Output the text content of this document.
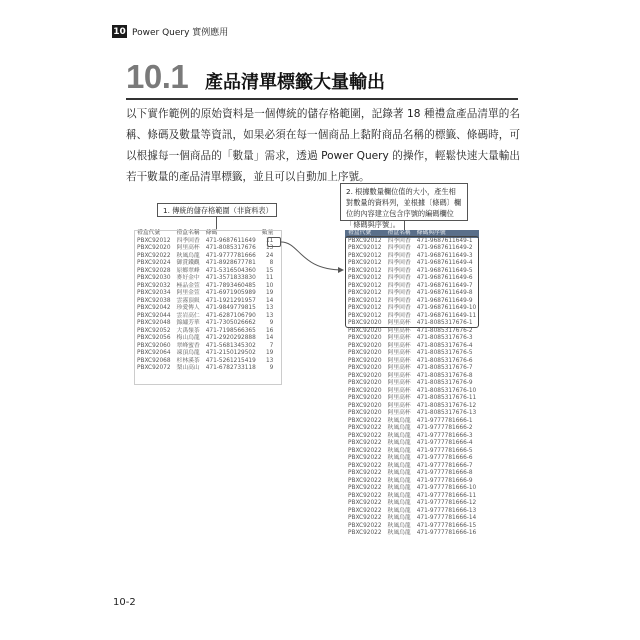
10 Power Query 實例應用
10.1 產品清單標籤大量輸出
以下實作範例的原始資料是一個傳統的儲存格範圍，記錄著 18 種禮盒產品清單的名稱、條碼及數量等資訊，如果必須在每一個商品上黏附商品名稱的標籤、條碼時，可以根據每一個商品的「數量」需求，透過 Power Query 的操作，輕鬆快速大量輸出若干數量的產品清單標籤，並且可以自動加上序號。
1. 傳統的儲存格範圍（非資料表）
2. 根據數量欄位值的大小，產生相對數量的資料列，並根據〔條碼〕欄位的內容建立包含序號的編碼欄位「條碼與序號」。
禮盒代號	禮盒名稱	條碼	數量
PBXC92012	四季回香	471-9687611649	11
PBXC92020	阿里高杯	471-8085317676	13
PBXC92022	秋風烏龍	471-9777781666	24
PBXC92024	御賞鐵觀	471-8928677781	8
PBXC92028	原鄉翠峰	471-5316504360	15
PBXC92030	麥好金中	471-3571833830	11
PBXC92032	極品金萱	471-7893460485	10
PBXC92034	阿里金萱	471-6971905989	19
PBXC92038	雲霧頂級	471-1921291957	14
PBXC92042	珍愛傳人	471-9849779815	13
PBXC92044	雲岩高仁	471-6287106790	13
PBXC92048	錦繡芳華	471-7305026662	9
PBXC92052	大禹嶺茶	471-7198566365	16
PBXC92056	梅山烏龍	471-2920292888	14
PBXC92060	翠峰蜜香	471-5681345302	7
PBXC92064	凍頂烏龍	471-2150129502	19
PBXC92068	杉林溪茶	471-5261215419	13
PBXC92072	梨山高山	471-6782733118	9
禮盒代號	禮盒名稱	條碼與序號
PBXC92012	四季回香	471-9687611649-1
PBXC92012	四季回香	471-9687611649-2
PBXC92012	四季回香	471-9687611649-3
PBXC92012	四季回香	471-9687611649-4
PBXC92012	四季回香	471-9687611649-5
PBXC92012	四季回香	471-9687611649-6
PBXC92012	四季回香	471-9687611649-7
PBXC92012	四季回香	471-9687611649-8
PBXC92012	四季回香	471-9687611649-9
PBXC92012	四季回香	471-9687611649-10
PBXC92012	四季回香	471-9687611649-11
PBXC92020	阿里高杯	471-8085317676-1
PBXC92020	阿里高杯	471-8085317676-2
PBXC92020	阿里高杯	471-8085317676-3
PBXC92020	阿里高杯	471-8085317676-4
PBXC92020	阿里高杯	471-8085317676-5
PBXC92020	阿里高杯	471-8085317676-6
PBXC92020	阿里高杯	471-8085317676-7
PBXC92020	阿里高杯	471-8085317676-8
PBXC92020	阿里高杯	471-8085317676-9
PBXC92020	阿里高杯	471-8085317676-10
PBXC92020	阿里高杯	471-8085317676-11
PBXC92020	阿里高杯	471-8085317676-12
PBXC92020	阿里高杯	471-8085317676-13
PBXC92022	秋風烏龍	471-9777781666-1
PBXC92022	秋風烏龍	471-9777781666-2
PBXC92022	秋風烏龍	471-9777781666-3
PBXC92022	秋風烏龍	471-9777781666-4
PBXC92022	秋風烏龍	471-9777781666-5
PBXC92022	秋風烏龍	471-9777781666-6
PBXC92022	秋風烏龍	471-9777781666-7
PBXC92022	秋風烏龍	471-9777781666-8
PBXC92022	秋風烏龍	471-9777781666-9
PBXC92022	秋風烏龍	471-9777781666-10
PBXC92022	秋風烏龍	471-9777781666-11
PBXC92022	秋風烏龍	471-9777781666-12
PBXC92022	秋風烏龍	471-9777781666-13
PBXC92022	秋風烏龍	471-9777781666-14
PBXC92022	秋風烏龍	471-9777781666-15
PBXC92022	秋風烏龍	471-9777781666-16
10-2
